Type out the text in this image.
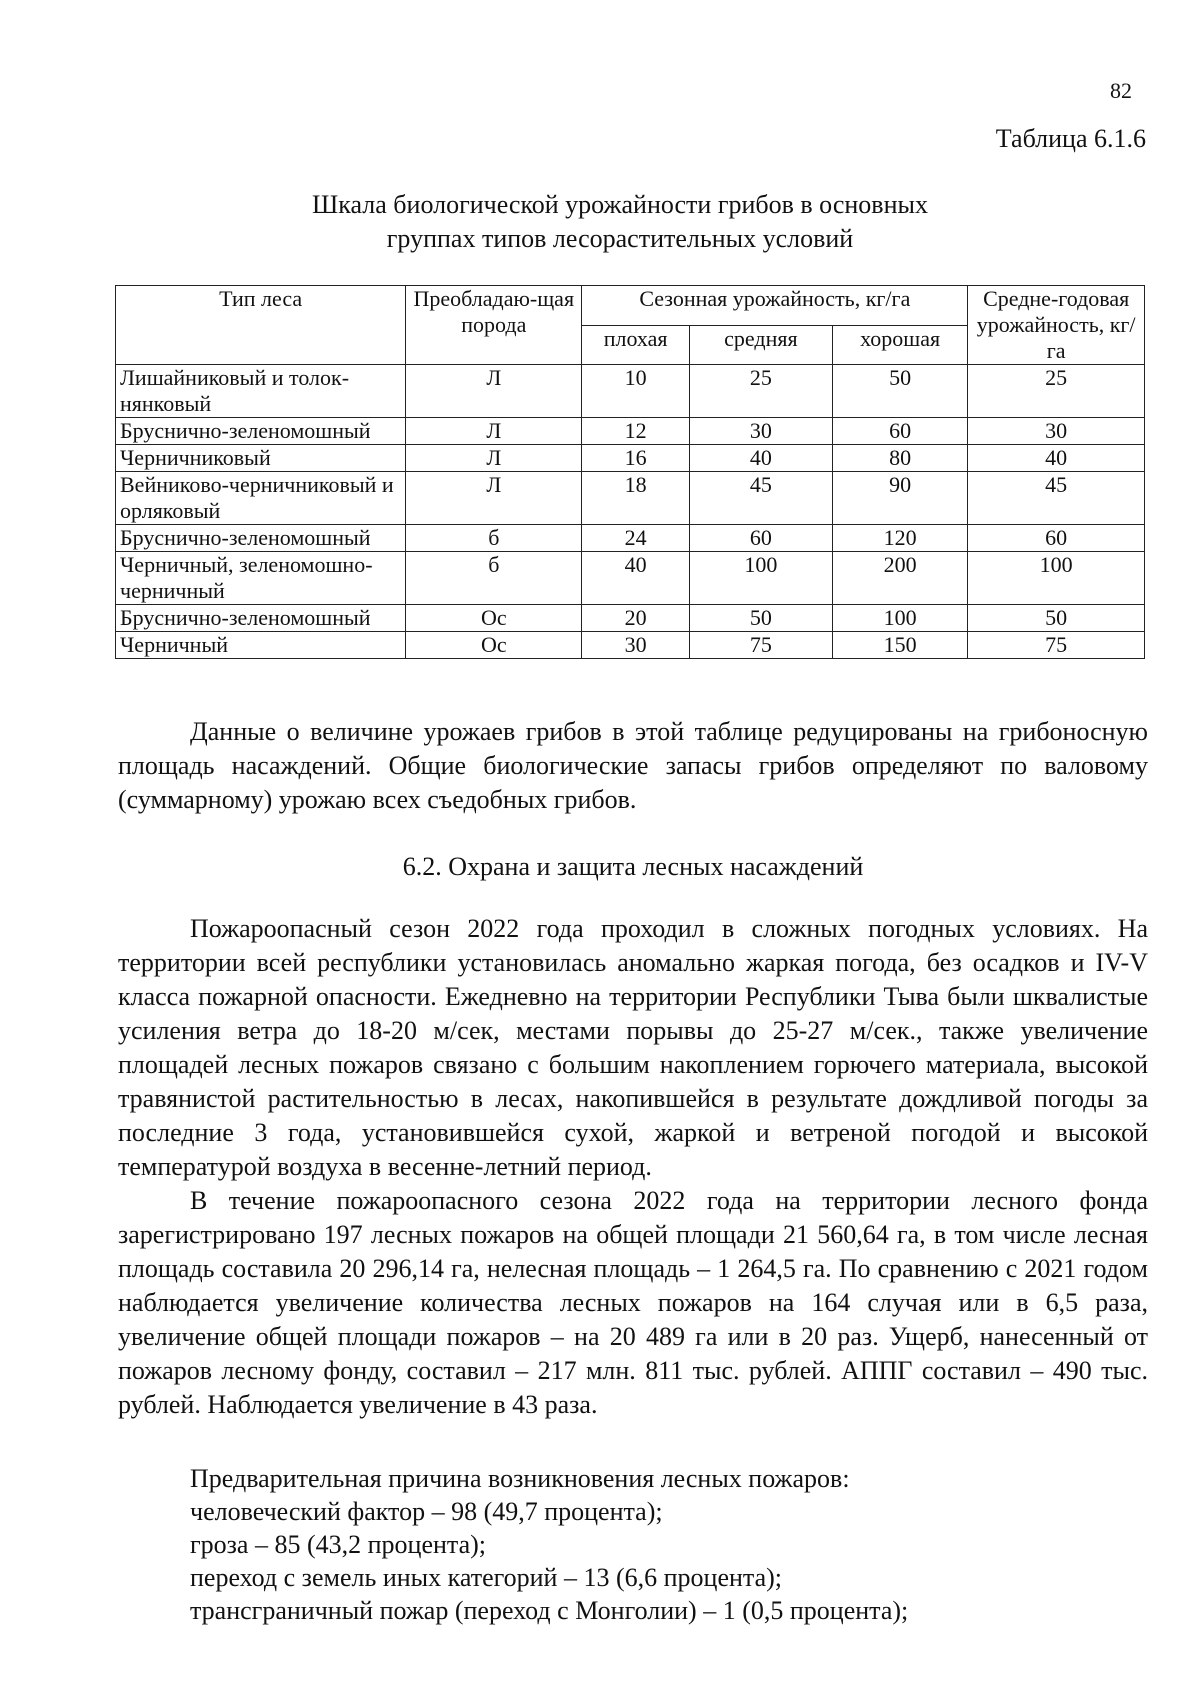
82
Таблица 6.1.6
Шкала биологической урожайности грибов в основных
группах типов лесорастительных условий
Тип леса	Преобладаю-щая порода	Сезонная урожайность, кг/га			Средне-годовая урожайность, кг/га
		плохая	средняя	хорошая	
Лишайниковый и толок-нянковый	Л	10	25	50	25
Бруснично-зеленомошный	Л	12	30	60	30
Черничниковый	Л	16	40	80	40
Вейниково-черничниковый и орляковый	Л	18	45	90	45
Бруснично-зеленомошный	б	24	60	120	60
Черничный, зеленомошно-черничный	б	40	100	200	100
Бруснично-зеленомошный	Ос	20	50	100	50
Черничный	Ос	30	75	150	75

Данные о величине урожаев грибов в этой таблице редуцированы на грибоносную площадь насаждений. Общие биологические запасы грибов определяют по валовому (суммарному) урожаю всех съедобных грибов.

6.2. Охрана и защита лесных насаждений

Пожароопасный сезон 2022 года проходил в сложных погодных условиях. На территории всей республики установилась аномально жаркая погода, без осадков и IV-V класса пожарной опасности. Ежедневно на территории Республики Тыва были шквалистые усиления ветра до 18-20 м/сек, местами порывы до 25-27 м/сек., также увеличение площадей лесных пожаров связано с большим накоплением горючего материала, высокой травянистой растительностью в лесах, накопившейся в результате дождливой погоды за последние 3 года, установившейся сухой, жаркой и ветреной погодой и высокой температурой воздуха в весенне-летний период.

В течение пожароопасного сезона 2022 года на территории лесного фонда зарегистрировано 197 лесных пожаров на общей площади 21 560,64 га, в том числе лесная площадь составила 20 296,14 га, нелесная площадь – 1 264,5 га. По сравнению с 2021 годом наблюдается увеличение количества лесных пожаров на 164 случая или в 6,5 раза, увеличение общей площади пожаров – на 20 489 га или в 20 раз. Ущерб, нанесенный от пожаров лесному фонду, составил – 217 млн. 811 тыс. рублей. АППГ составил – 490 тыс. рублей. Наблюдается увеличение в 43 раза.

Предварительная причина возникновения лесных пожаров:
человеческий фактор – 98 (49,7 процента);
гроза – 85 (43,2 процента);
переход с земель иных категорий – 13 (6,6 процента);
трансграничный пожар (переход с Монголии) – 1 (0,5 процента);
